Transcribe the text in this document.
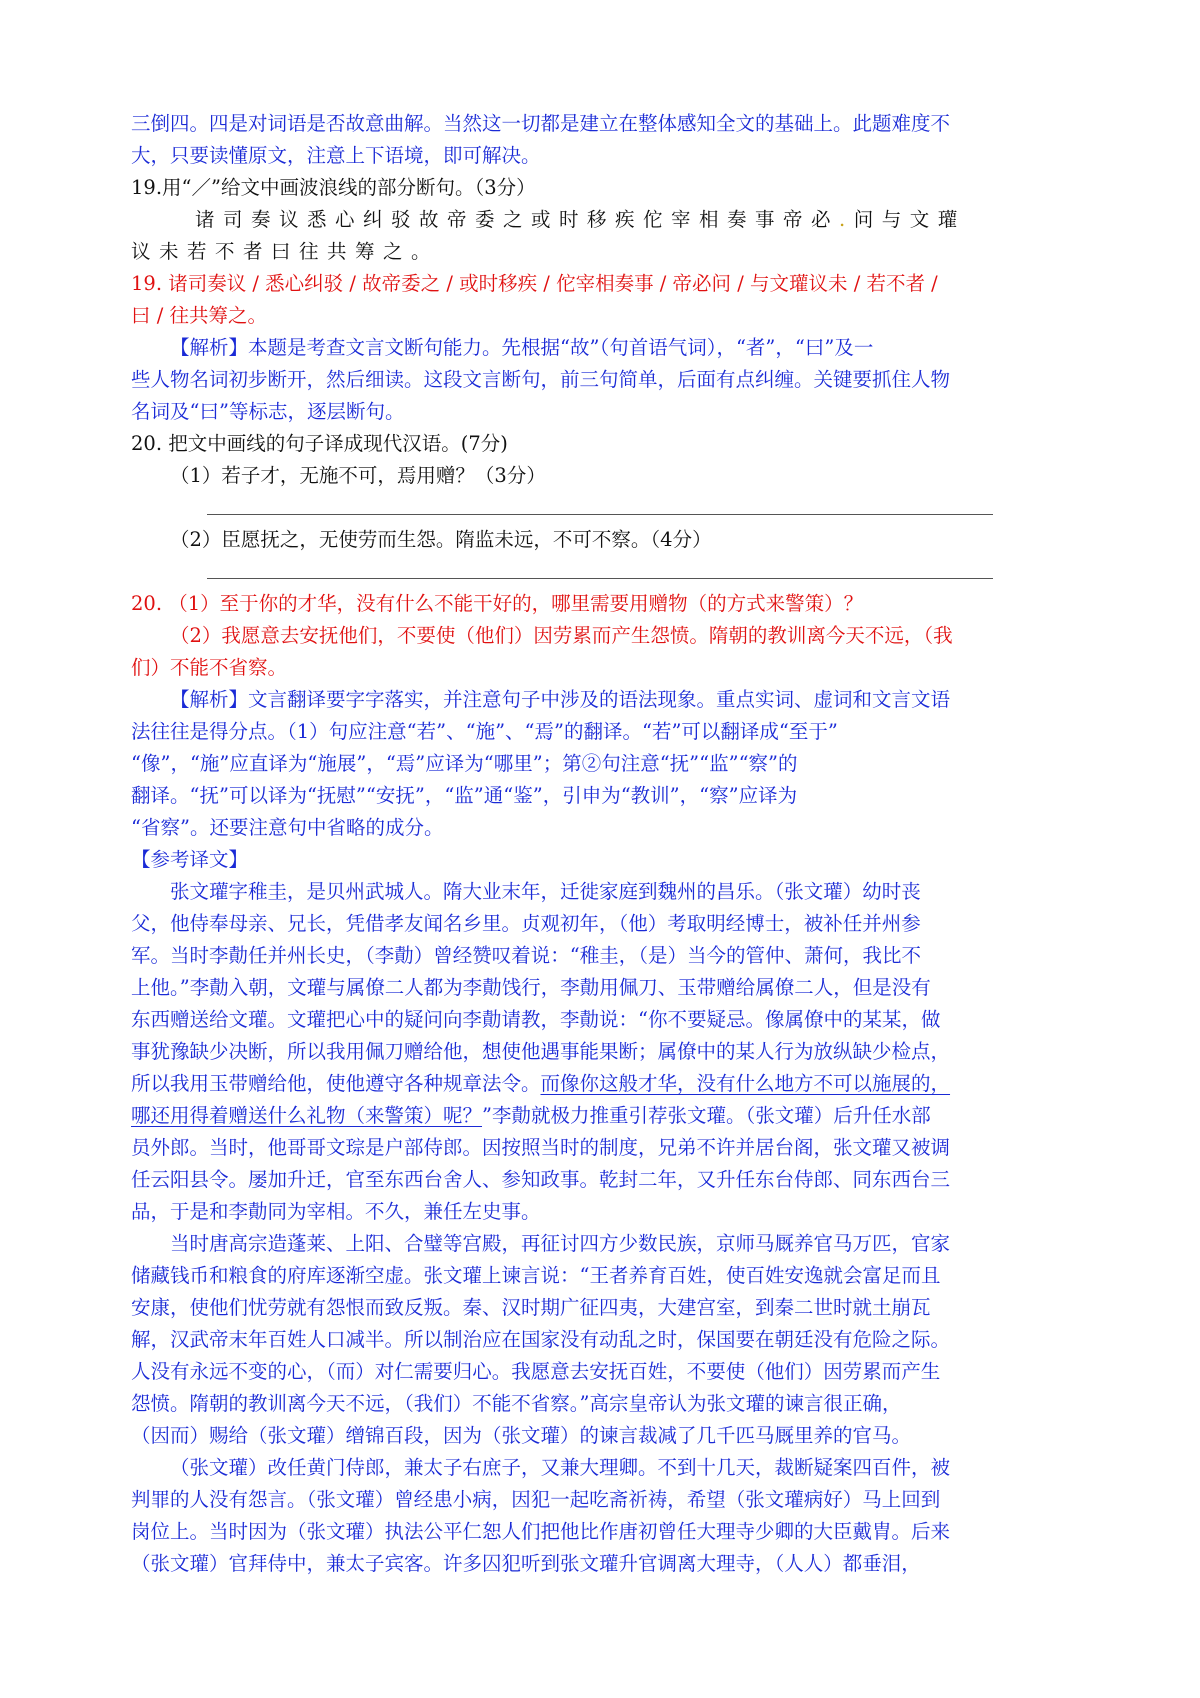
三倒四。四是对词语是否故意曲解。当然这一切都是建立在整体感知全文的基础上。此题难度不
大，只要读懂原文，注意上下语境，即可解决。
19.用“／”给文中画波浪线的部分断句。（3分）
诸司奏议悉心纠驳故帝委之或时移疾佗宰相奏事帝必.问与文瓘
议未若不者曰往共筹之。
19. 诸司奏议 / 悉心纠驳 / 故帝委之 / 或时移疾 / 佗宰相奏事 / 帝必问 / 与文瓘议未 / 若不者 /
曰 / 往共筹之。
【解析】本题是考查文言文断句能力。先根据“故”（句首语气词），“者”，“曰”及一
些人物名词初步断开，然后细读。这段文言断句，前三句简单，后面有点纠缠。关键要抓住人物
名词及“曰”等标志，逐层断句。
20. 把文中画线的句子译成现代汉语。(7分)
（1）若子才，无施不可，焉用赠？（3分）
（2）臣愿抚之，无使劳而生怨。隋监未远，不可不察。（4分）
20. （1）至于你的才华，没有什么不能干好的，哪里需要用赠物（的方式来警策）？
（2）我愿意去安抚他们，不要使（他们）因劳累而产生怨愤。隋朝的教训离今天不远，（我
们）不能不省察。
【解析】文言翻译要字字落实，并注意句子中涉及的语法现象。重点实词、虚词和文言文语
法往往是得分点。（1）句应注意“若”、“施”、“焉”的翻译。“若”可以翻译成“至于”
“像”，“施”应直译为“施展”，“焉”应译为“哪里”；第②句注意“抚”“监”“察”的
翻译。“抚”可以译为“抚慰”“安抚”，“监”通“鉴”，引申为“教训”，“察”应译为
“省察”。还要注意句中省略的成分。
【参考译文】
张文瓘字稚圭，是贝州武城人。隋大业末年，迁徙家庭到魏州的昌乐。（张文瓘）幼时丧
父，他侍奉母亲、兄长，凭借孝友闻名乡里。贞观初年，（他）考取明经博士，被补任并州参
军。当时李勣任并州长史，（李勣）曾经赞叹着说：“稚圭，（是）当今的管仲、萧何，我比不
上他。”李勣入朝，文瓘与属僚二人都为李勣饯行，李勣用佩刀、玉带赠给属僚二人，但是没有
东西赠送给文瓘。文瓘把心中的疑问向李勣请教，李勣说：“你不要疑忌。像属僚中的某某，做
事犹豫缺少决断，所以我用佩刀赠给他，想使他遇事能果断；属僚中的某人行为放纵缺少检点，
所以我用玉带赠给他，使他遵守各种规章法令。而像你这般才华，没有什么地方不可以施展的，
哪还用得着赠送什么礼物（来警策）呢？”李勣就极力推重引荐张文瓘。（张文瓘）后升任水部
员外郎。当时，他哥哥文琮是户部侍郎。因按照当时的制度，兄弟不许并居台阁，张文瓘又被调
任云阳县令。屡加升迁，官至东西台舍人、参知政事。乾封二年，又升任东台侍郎、同东西台三
品，于是和李勣同为宰相。不久，兼任左史事。
当时唐高宗造蓬莱、上阳、合璧等宫殿，再征讨四方少数民族，京师马厩养官马万匹，官家
储藏钱币和粮食的府库逐渐空虚。张文瓘上谏言说：“王者养育百姓，使百姓安逸就会富足而且
安康，使他们忧劳就有怨恨而致反叛。秦、汉时期广征四夷，大建宫室，到秦二世时就土崩瓦
解，汉武帝末年百姓人口减半。所以制治应在国家没有动乱之时，保国要在朝廷没有危险之际。
人没有永远不变的心，（而）对仁需要归心。我愿意去安抚百姓，不要使（他们）因劳累而产生
怨愤。隋朝的教训离今天不远，（我们）不能不省察。”高宗皇帝认为张文瓘的谏言很正确，
（因而）赐给（张文瓘）缯锦百段，因为（张文瓘）的谏言裁减了几千匹马厩里养的官马。
（张文瓘）改任黄门侍郎，兼太子右庶子，又兼大理卿。不到十几天，裁断疑案四百件，被
判罪的人没有怨言。（张文瓘）曾经患小病，因犯一起吃斋祈祷，希望（张文瓘病好）马上回到
岗位上。当时因为（张文瓘）执法公平仁恕人们把他比作唐初曾任大理寺少卿的大臣戴胄。后来
（张文瓘）官拜侍中，兼太子宾客。许多囚犯听到张文瓘升官调离大理寺，（人人）都垂泪，
